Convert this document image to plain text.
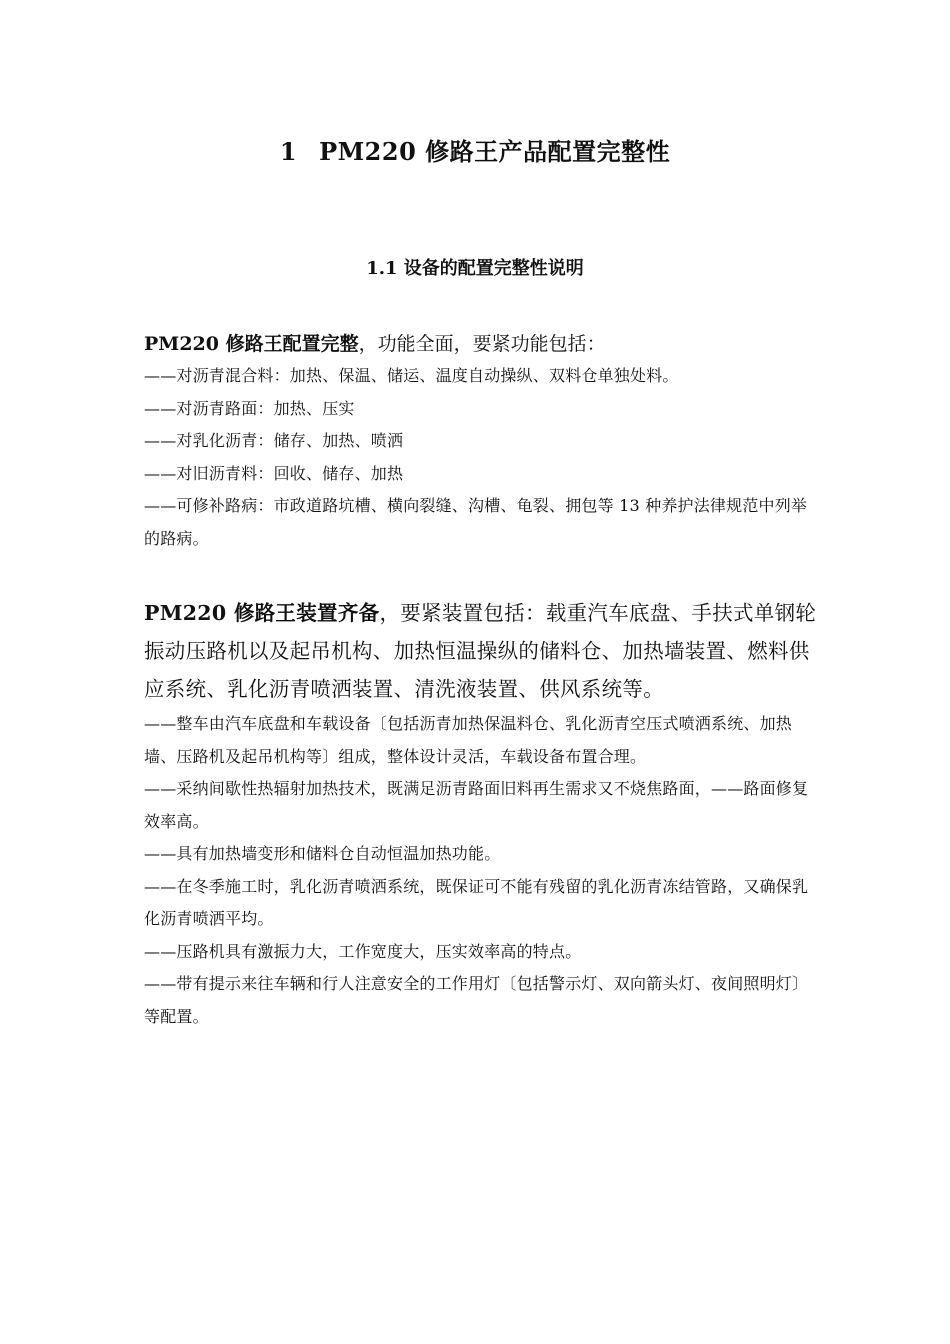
1 PM220 修路王产品配置完整性
1.1 设备的配置完整性说明

PM220 修路王配置完整，功能全面，要紧功能包括：

——对沥青混合料：加热、保温、储运、温度自动操纵、双料仓单独处料。

——对沥青路面：加热、压实

——对乳化沥青：储存、加热、喷洒

——对旧沥青料：回收、储存、加热

——可修补路病：市政道路坑槽、横向裂缝、沟槽、龟裂、拥包等 13 种养护法律规范中列举的路病。

PM220 修路王装置齐备，要紧装置包括：载重汽车底盘、手扶式单钢轮振动压路机以及起吊机构、加热恒温操纵的储料仓、加热墙装置、燃料供应系统、乳化沥青喷洒装置、清洗液装置、供风系统等。

——整车由汽车底盘和车载设备〔包括沥青加热保温料仓、乳化沥青空压式喷洒系统、加热墙、压路机及起吊机构等〕组成，整体设计灵活，车载设备布置合理。

——采纳间歇性热辐射加热技术，既满足沥青路面旧料再生需求又不烧焦路面，——路面修复效率高。

——具有加热墙变形和储料仓自动恒温加热功能。

——在冬季施工时，乳化沥青喷洒系统，既保证可不能有残留的乳化沥青冻结管路，又确保乳化沥青喷洒平均。

——压路机具有激振力大，工作宽度大，压实效率高的特点。

——带有提示来往车辆和行人注意安全的工作用灯〔包括警示灯、双向箭头灯、夜间照明灯〕等配置。
